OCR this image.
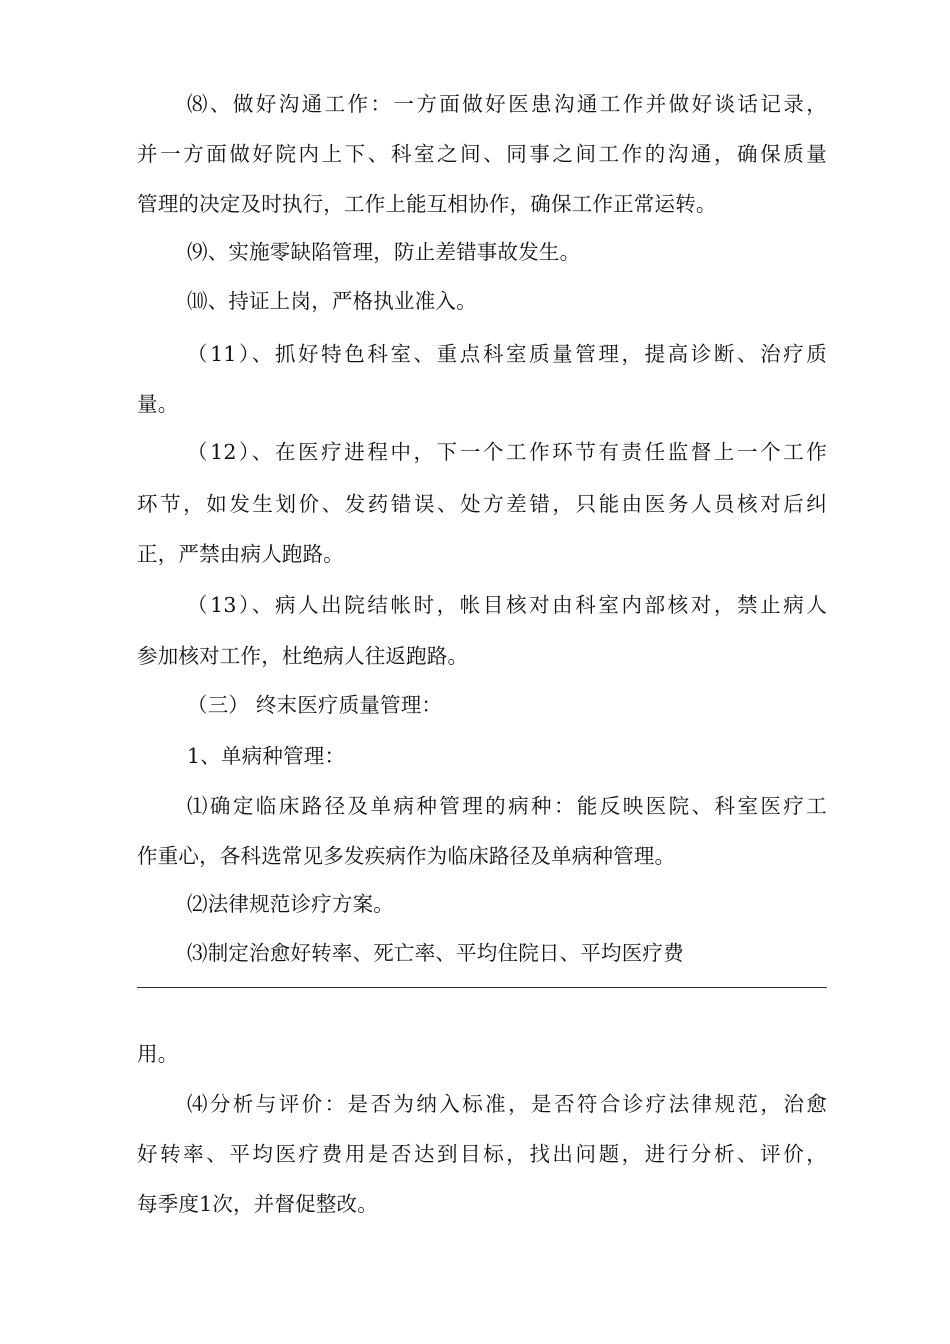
⑻、做好沟通工作：一方面做好医患沟通工作并做好谈话记录，
并一方面做好院内上下、科室之间、同事之间工作的沟通，确保质量
管理的决定及时执行，工作上能互相协作，确保工作正常运转。
⑼、实施零缺陷管理，防止差错事故发生。
⑽、持证上岗，严格执业准入。
（11）、抓好特色科室、重点科室质量管理，提高诊断、治疗质
量。
（12）、在医疗进程中，下一个工作环节有责任监督上一个工作
环节，如发生划价、发药错误、处方差错，只能由医务人员核对后纠
正，严禁由病人跑路。
（13）、病人出院结帐时，帐目核对由科室内部核对，禁止病人
参加核对工作，杜绝病人往返跑路。
（三） 终末医疗质量管理：
1、单病种管理：
⑴确定临床路径及单病种管理的病种：能反映医院、科室医疗工
作重心，各科选常见多发疾病作为临床路径及单病种管理。
⑵法律规范诊疗方案。
⑶制定治愈好转率、死亡率、平均住院日、平均医疗费
用。
⑷分析与评价：是否为纳入标准，是否符合诊疗法律规范，治愈
好转率、平均医疗费用是否达到目标，找出问题，进行分析、评价，
每季度1次，并督促整改。
